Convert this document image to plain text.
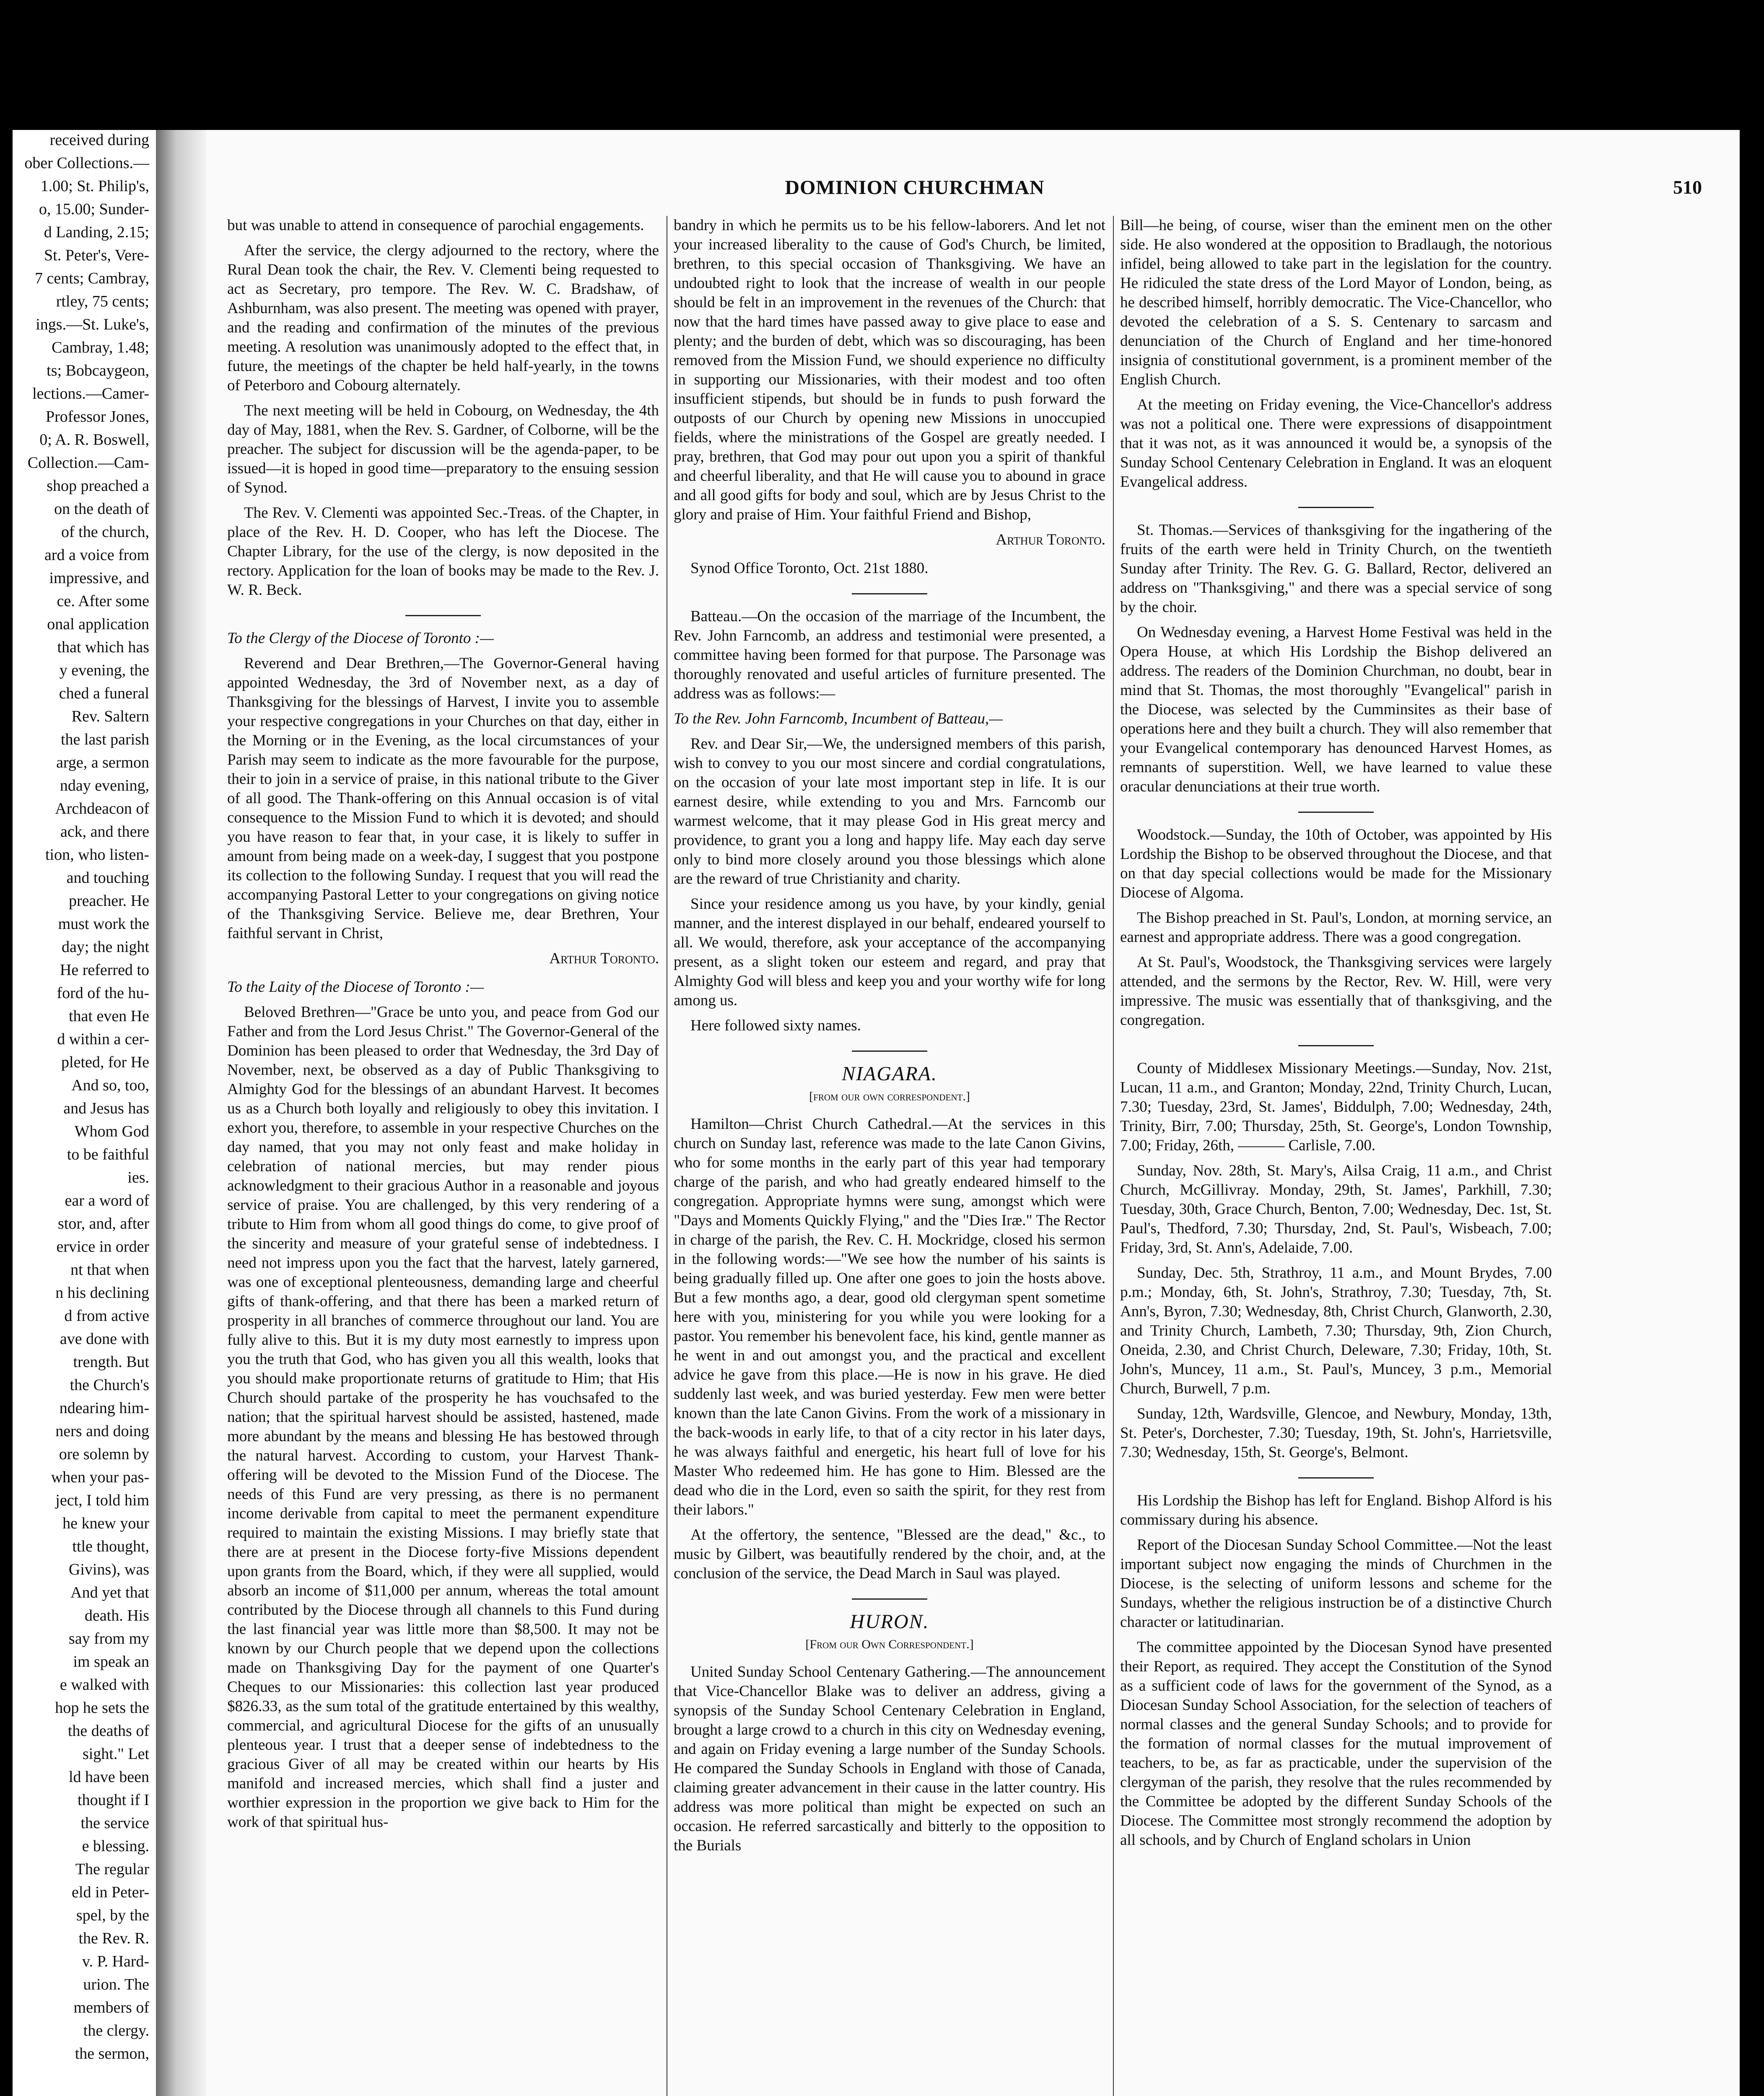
received during

ober Collections.—

1.00; St. Philip's,

o, 15.00; Sunder-

d Landing, 2.15;

St. Peter's, Vere-

7 cents; Cambray,

rtley, 75 cents;

ings.—St. Luke's,

Cambray, 1.48;

ts; Bobcaygeon,

lections.—Camer-

Professor Jones,

0; A. R. Boswell,

Collection.—Cam-

shop preached a

on the death of

of the church,

ard a voice from

impressive, and

ce. After some

onal application

that which has

y evening, the

ched a funeral

Rev. Saltern

the last parish

arge, a sermon

nday evening,

Archdeacon of

ack, and there

tion, who listen-

and touching

preacher. He

must work the

day; the night

He referred to

ford of the hu-

that even He

d within a cer-

pleted, for He

And so, too,

and Jesus has

Whom God

to be faithful

ies.

ear a word of

stor, and, after

ervice in order

nt that when

n his declining

d from active

ave done with

trength. But

the Church's

ndearing him-

ners and doing

ore solemn by

when your pas-

ject, I told him

he knew your

ttle thought,

Givins), was

And yet that

death. His

say from my

im speak an

e walked with

hop he sets the

the deaths of

sight." Let

ld have been

thought if I

the service

e blessing.

The regular

eld in Peter-

spel, by the

the Rev. R.

v. P. Hard-

urion. The

members of

the clergy.

the sermon,

DOMINION CHURCHMAN	510

but was unable to attend in consequence of parochial engagements.

After the service, the clergy adjourned to the rectory, where the Rural Dean took the chair, the Rev. V. Clementi being requested to act as Secretary, pro tempore. The Rev. W. C. Bradshaw, of Ashburnham, was also present. The meeting was opened with prayer, and the reading and confirmation of the minutes of the previous meeting. A resolution was unanimously adopted to the effect that, in future, the meetings of the chapter be held half-yearly, in the towns of Peterboro and Cobourg alternately.

The next meeting will be held in Cobourg, on Wednesday, the 4th day of May, 1881, when the Rev. S. Gardner, of Colborne, will be the preacher. The subject for discussion will be the agenda-paper, to be issued—it is hoped in good time—preparatory to the ensuing session of Synod.

The Rev. V. Clementi was appointed Sec.-Treas. of the Chapter, in place of the Rev. H. D. Cooper, who has left the Diocese. The Chapter Library, for the use of the clergy, is now deposited in the rectory. Application for the loan of books may be made to the Rev. J. W. R. Beck.

To the Clergy of the Diocese of Toronto :—

Reverend and Dear Brethren,—The Governor-General having appointed Wednesday, the 3rd of November next, as a day of Thanksgiving for the blessings of Harvest, I invite you to assemble your respective congregations in your Churches on that day, either in the Morning or in the Evening, as the local circumstances of your Parish may seem to indicate as the more favourable for the purpose, their to join in a service of praise, in this national tribute to the Giver of all good. The Thank-offering on this Annual occasion is of vital consequence to the Mission Fund to which it is devoted; and should you have reason to fear that, in your case, it is likely to suffer in amount from being made on a week-day, I suggest that you postpone its collection to the following Sunday. I request that you will read the accompanying Pastoral Letter to your congregations on giving notice of the Thanksgiving Service. Believe me, dear Brethren, Your faithful servant in Christ,

Arthur Toronto.

To the Laity of the Diocese of Toronto :—

Beloved Brethren—"Grace be unto you, and peace from God our Father and from the Lord Jesus Christ." The Governor-General of the Dominion has been pleased to order that Wednesday, the 3rd Day of November, next, be observed as a day of Public Thanksgiving to Almighty God for the blessings of an abundant Harvest. It becomes us as a Church both loyally and religiously to obey this invitation. I exhort you, therefore, to assemble in your respective Churches on the day named, that you may not only feast and make holiday in celebration of national mercies, but may render pious acknowledgment to their gracious Author in a reasonable and joyous service of praise. You are challenged, by this very rendering of a tribute to Him from whom all good things do come, to give proof of the sincerity and measure of your grateful sense of indebtedness. I need not impress upon you the fact that the harvest, lately garnered, was one of exceptional plenteousness, demanding large and cheerful gifts of thank-offering, and that there has been a marked return of prosperity in all branches of commerce throughout our land. You are fully alive to this. But it is my duty most earnestly to impress upon you the truth that God, who has given you all this wealth, looks that you should make proportionate returns of gratitude to Him; that His Church should partake of the prosperity he has vouchsafed to the nation; that the spiritual harvest should be assisted, hastened, made more abundant by the means and blessing He has bestowed through the natural harvest. According to custom, your Harvest Thank-offering will be devoted to the Mission Fund of the Diocese. The needs of this Fund are very pressing, as there is no permanent income derivable from capital to meet the permanent expenditure required to maintain the existing Missions. I may briefly state that there are at present in the Diocese forty-five Missions dependent upon grants from the Board, which, if they were all supplied, would absorb an income of $11,000 per annum, whereas the total amount contributed by the Diocese through all channels to this Fund during the last financial year was little more than $8,500. It may not be known by our Church people that we depend upon the collections made on Thanksgiving Day for the payment of one Quarter's Cheques to our Missionaries: this collection last year produced $826.33, as the sum total of the gratitude entertained by this wealthy, commercial, and agricultural Diocese for the gifts of an unusually plenteous year. I trust that a deeper sense of indebtedness to the gracious Giver of all may be created within our hearts by His manifold and increased mercies, which shall find a juster and worthier expression in the proportion we give back to Him for the work of that spiritual hus-

bandry in which he permits us to be his fellow-laborers. And let not your increased liberality to the cause of God's Church, be limited, brethren, to this special occasion of Thanksgiving. We have an undoubted right to look that the increase of wealth in our people should be felt in an improvement in the revenues of the Church: that now that the hard times have passed away to give place to ease and plenty; and the burden of debt, which was so discouraging, has been removed from the Mission Fund, we should experience no difficulty in supporting our Missionaries, with their modest and too often insufficient stipends, but should be in funds to push forward the outposts of our Church by opening new Missions in unoccupied fields, where the ministrations of the Gospel are greatly needed. I pray, brethren, that God may pour out upon you a spirit of thankful and cheerful liberality, and that He will cause you to abound in grace and all good gifts for body and soul, which are by Jesus Christ to the glory and praise of Him. Your faithful Friend and Bishop,

Arthur Toronto.

Synod Office Toronto, Oct. 21st 1880.

Batteau.—On the occasion of the marriage of the Incumbent, the Rev. John Farncomb, an address and testimonial were presented, a committee having been formed for that purpose. The Parsonage was thoroughly renovated and useful articles of furniture presented. The address was as follows:—

To the Rev. John Farncomb, Incumbent of Batteau,—

Rev. and Dear Sir,—We, the undersigned members of this parish, wish to convey to you our most sincere and cordial congratulations, on the occasion of your late most important step in life. It is our earnest desire, while extending to you and Mrs. Farncomb our warmest welcome, that it may please God in His great mercy and providence, to grant you a long and happy life. May each day serve only to bind more closely around you those blessings which alone are the reward of true Christianity and charity.

Since your residence among us you have, by your kindly, genial manner, and the interest displayed in our behalf, endeared yourself to all. We would, therefore, ask your acceptance of the accompanying present, as a slight token our esteem and regard, and pray that Almighty God will bless and keep you and your worthy wife for long among us.

Here followed sixty names.

NIAGARA.
[from our own correspondent.]

Hamilton—Christ Church Cathedral.—At the services in this church on Sunday last, reference was made to the late Canon Givins, who for some months in the early part of this year had temporary charge of the parish, and who had greatly endeared himself to the congregation. Appropriate hymns were sung, amongst which were "Days and Moments Quickly Flying," and the "Dies Iræ." The Rector in charge of the parish, the Rev. C. H. Mockridge, closed his sermon in the following words:—"We see how the number of his saints is being gradually filled up. One after one goes to join the hosts above. But a few months ago, a dear, good old clergyman spent sometime here with you, ministering for you while you were looking for a pastor. You remember his benevolent face, his kind, gentle manner as he went in and out amongst you, and the practical and excellent advice he gave from this place.—He is now in his grave. He died suddenly last week, and was buried yesterday. Few men were better known than the late Canon Givins. From the work of a missionary in the back-woods in early life, to that of a city rector in his later days, he was always faithful and energetic, his heart full of love for his Master Who redeemed him. He has gone to Him. Blessed are the dead who die in the Lord, even so saith the spirit, for they rest from their labors."

At the offertory, the sentence, "Blessed are the dead," &c., to music by Gilbert, was beautifully rendered by the choir, and, at the conclusion of the service, the Dead March in Saul was played.

HURON.
[From our Own Correspondent.]

United Sunday School Centenary Gathering.—The announcement that Vice-Chancellor Blake was to deliver an address, giving a synopsis of the Sunday School Centenary Celebration in England, brought a large crowd to a church in this city on Wednesday evening, and again on Friday evening a large number of the Sunday Schools. He compared the Sunday Schools in England with those of Canada, claiming greater advancement in their cause in the latter country. His address was more political than might be expected on such an occasion. He referred sarcastically and bitterly to the opposition to the Burials

Bill—he being, of course, wiser than the eminent men on the other side. He also wondered at the opposition to Bradlaugh, the notorious infidel, being allowed to take part in the legislation for the country. He ridiculed the state dress of the Lord Mayor of London, being, as he described himself, horribly democratic. The Vice-Chancellor, who devoted the celebration of a S. S. Centenary to sarcasm and denunciation of the Church of England and her time-honored insignia of constitutional government, is a prominent member of the English Church.

At the meeting on Friday evening, the Vice-Chancellor's address was not a political one. There were expressions of disappointment that it was not, as it was announced it would be, a synopsis of the Sunday School Centenary Celebration in England. It was an eloquent Evangelical address.

St. Thomas.—Services of thanksgiving for the ingathering of the fruits of the earth were held in Trinity Church, on the twentieth Sunday after Trinity. The Rev. G. G. Ballard, Rector, delivered an address on "Thanksgiving," and there was a special service of song by the choir.

On Wednesday evening, a Harvest Home Festival was held in the Opera House, at which His Lordship the Bishop delivered an address. The readers of the Dominion Churchman, no doubt, bear in mind that St. Thomas, the most thoroughly "Evangelical" parish in the Diocese, was selected by the Cumminsites as their base of operations here and they built a church. They will also remember that your Evangelical contemporary has denounced Harvest Homes, as remnants of superstition. Well, we have learned to value these oracular denunciations at their true worth.

Woodstock.—Sunday, the 10th of October, was appointed by His Lordship the Bishop to be observed throughout the Diocese, and that on that day special collections would be made for the Missionary Diocese of Algoma.

The Bishop preached in St. Paul's, London, at morning service, an earnest and appropriate address. There was a good congregation.

At St. Paul's, Woodstock, the Thanksgiving services were largely attended, and the sermons by the Rector, Rev. W. Hill, were very impressive. The music was essentially that of thanksgiving, and the congregation.

County of Middlesex Missionary Meetings.—Sunday, Nov. 21st, Lucan, 11 a.m., and Granton; Monday, 22nd, Trinity Church, Lucan, 7.30; Tuesday, 23rd, St. James', Biddulph, 7.00; Wednesday, 24th, Trinity, Birr, 7.00; Thursday, 25th, St. George's, London Township, 7.00; Friday, 26th, ——— Carlisle, 7.00.

Sunday, Nov. 28th, St. Mary's, Ailsa Craig, 11 a.m., and Christ Church, McGillivray. Monday, 29th, St. James', Parkhill, 7.30; Tuesday, 30th, Grace Church, Benton, 7.00; Wednesday, Dec. 1st, St. Paul's, Thedford, 7.30; Thursday, 2nd, St. Paul's, Wisbeach, 7.00; Friday, 3rd, St. Ann's, Adelaide, 7.00.

Sunday, Dec. 5th, Strathroy, 11 a.m., and Mount Brydes, 7.00 p.m.; Monday, 6th, St. John's, Strathroy, 7.30; Tuesday, 7th, St. Ann's, Byron, 7.30; Wednesday, 8th, Christ Church, Glanworth, 2.30, and Trinity Church, Lambeth, 7.30; Thursday, 9th, Zion Church, Oneida, 2.30, and Christ Church, Deleware, 7.30; Friday, 10th, St. John's, Muncey, 11 a.m., St. Paul's, Muncey, 3 p.m., Memorial Church, Burwell, 7 p.m.

Sunday, 12th, Wardsville, Glencoe, and Newbury, Monday, 13th, St. Peter's, Dorchester, 7.30; Tuesday, 19th, St. John's, Harrietsville, 7.30; Wednesday, 15th, St. George's, Belmont.

His Lordship the Bishop has left for England. Bishop Alford is his commissary during his absence.

Report of the Diocesan Sunday School Committee.—Not the least important subject now engaging the minds of Churchmen in the Diocese, is the selecting of uniform lessons and scheme for the Sundays, whether the religious instruction be of a distinctive Church character or latitudinarian.

The committee appointed by the Diocesan Synod have presented their Report, as required. They accept the Constitution of the Synod as a sufficient code of laws for the government of the Synod, as a Diocesan Sunday School Association, for the selection of teachers of normal classes and the general Sunday Schools; and to provide for the formation of normal classes for the mutual improvement of teachers, to be, as far as practicable, under the supervision of the clergyman of the parish, they resolve that the rules recommended by the Committee be adopted by the different Sunday Schools of the Diocese. The Committee most strongly recommend the adoption by all schools, and by Church of England scholars in Union
